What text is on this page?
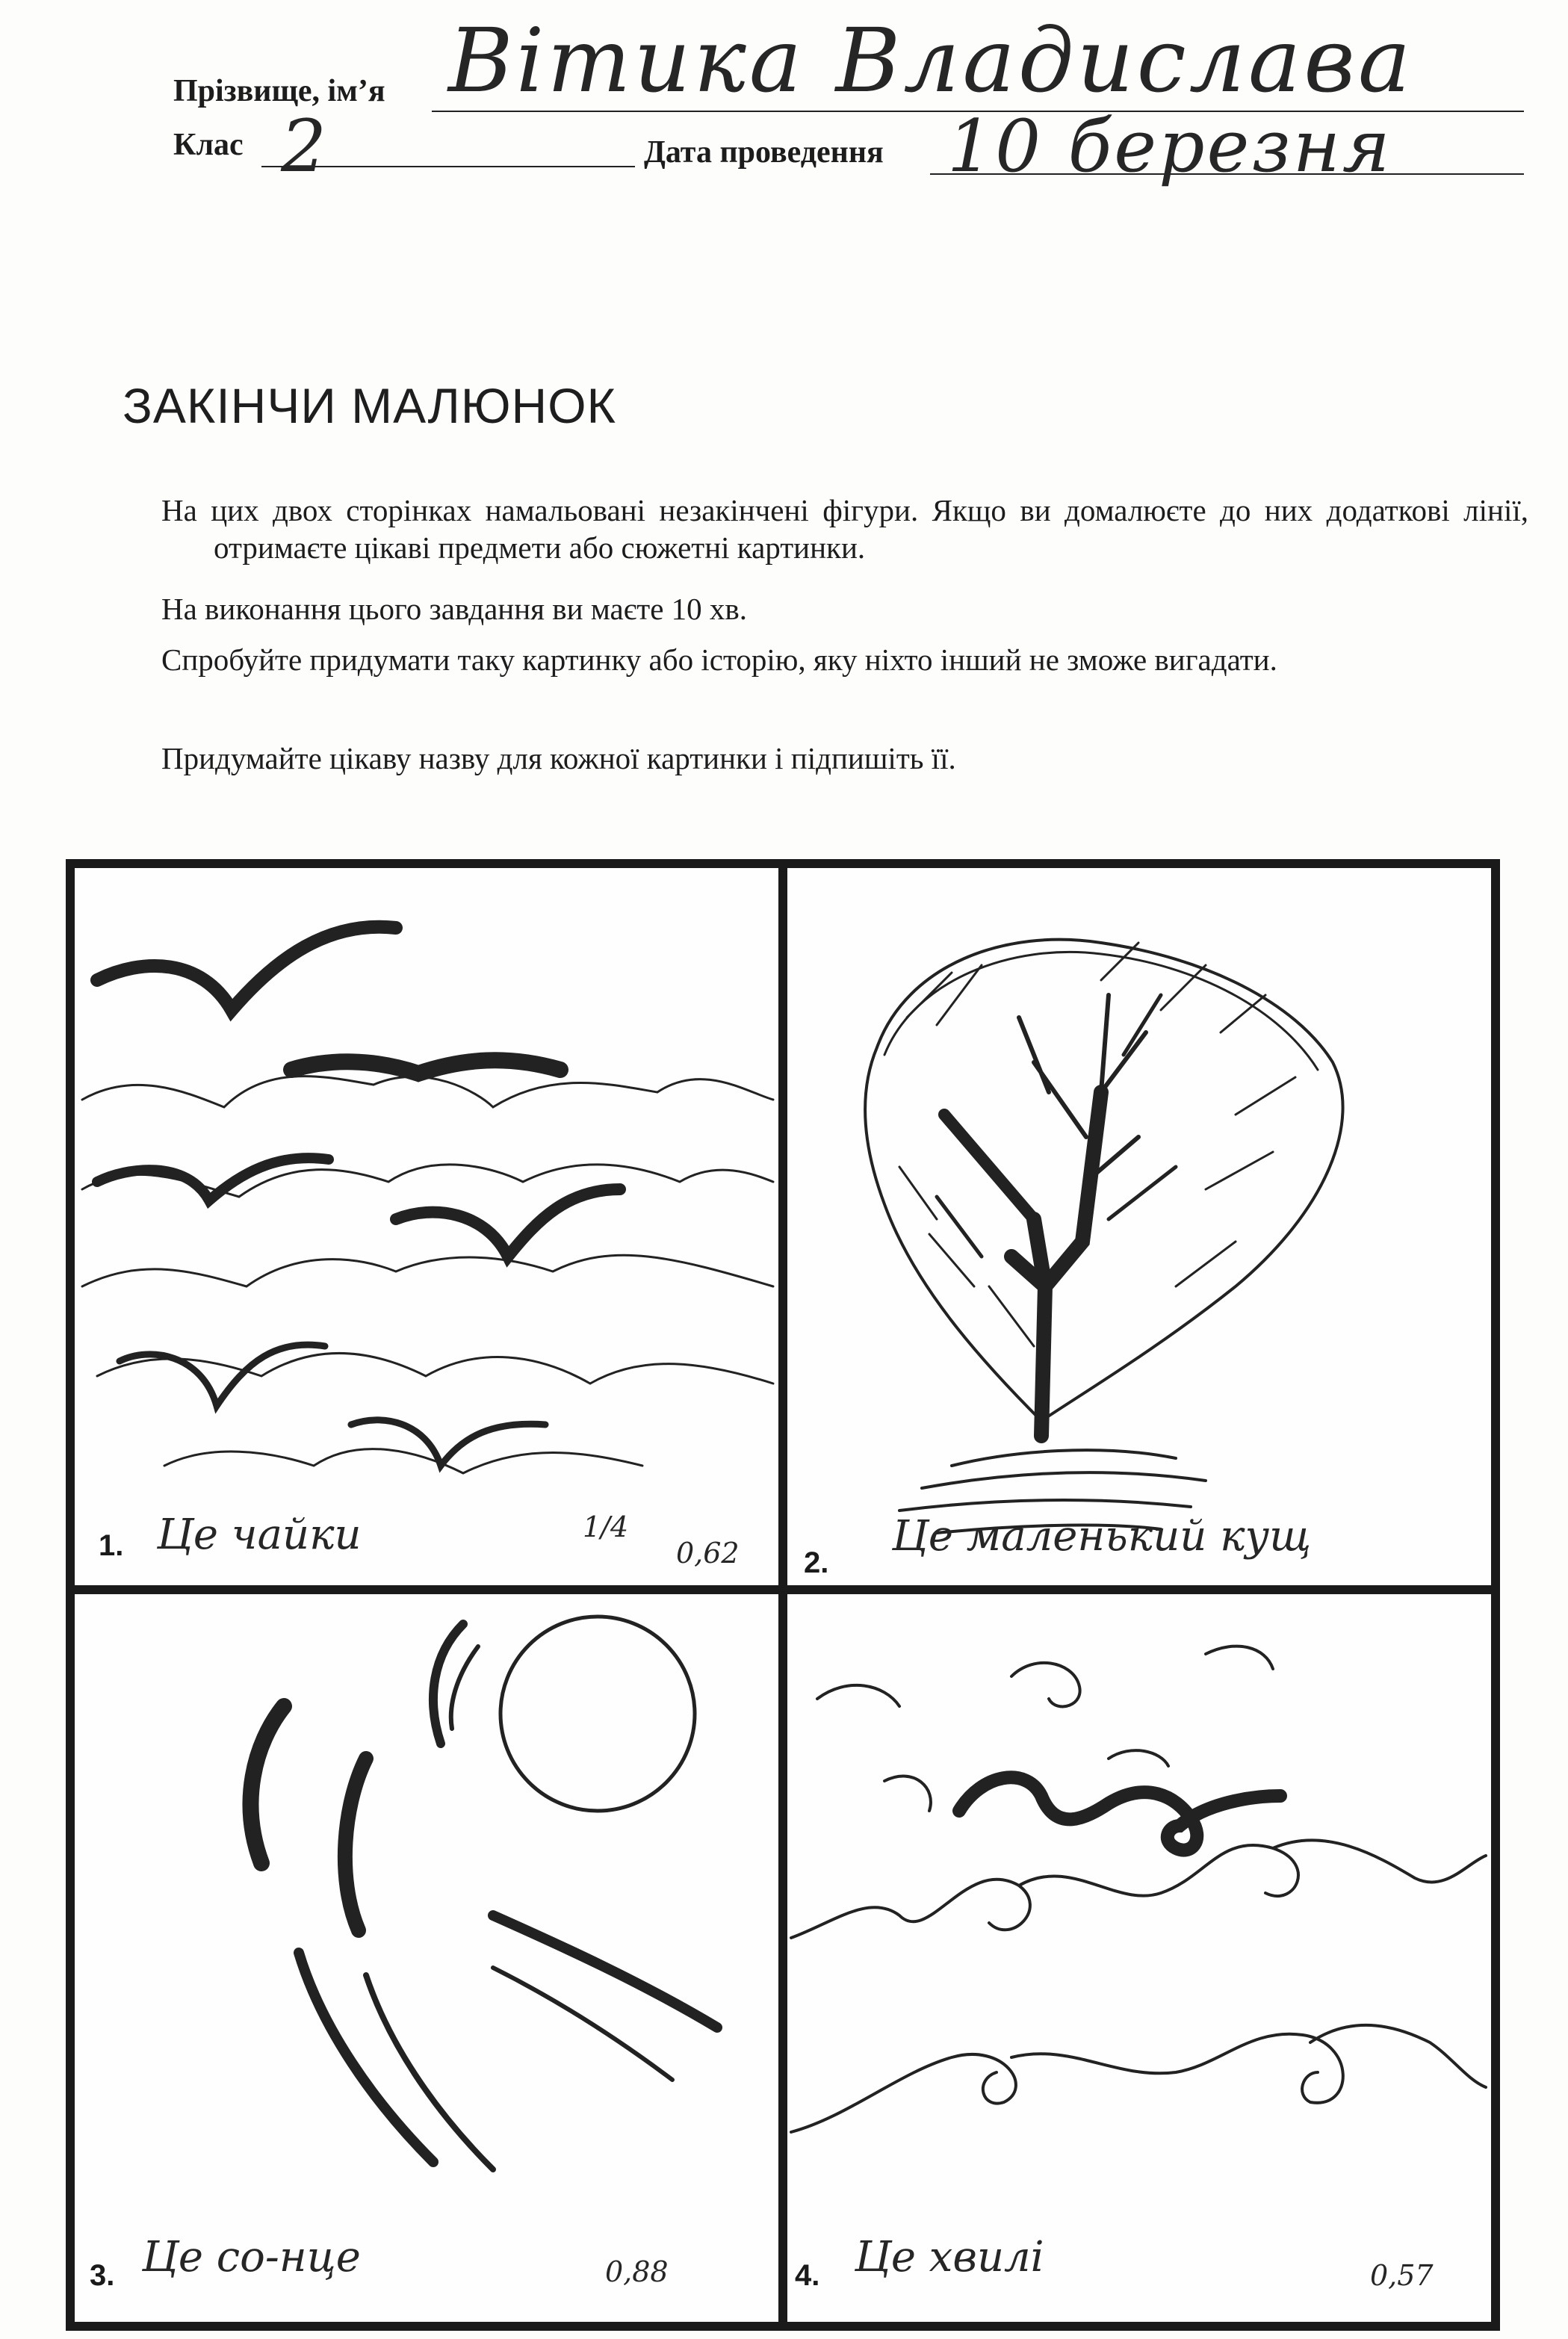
Прізвище, ім’я Вітика Владислава
Клас 2	Дата проведення 10 березня
ЗАКІНЧИ МАЛЮНОК
На цих двох сторінках намальовані незакінчені фігури. Якщо ви домалюєте до них додаткові лінії, отримаєте цікаві предмети або сюжетні картинки.
На виконання цього завдання ви маєте 10 хв.
Спробуйте придумати таку картинку або історію, яку ніхто інший не зможе вигадати.
Придумайте цікаву назву для кожної картинки і підпишіть її.
1. Це чайки	1/4
0,62 2.
Це маленький кущ
3. Це со-нце	0,88	4. Це хвилі	0,57
